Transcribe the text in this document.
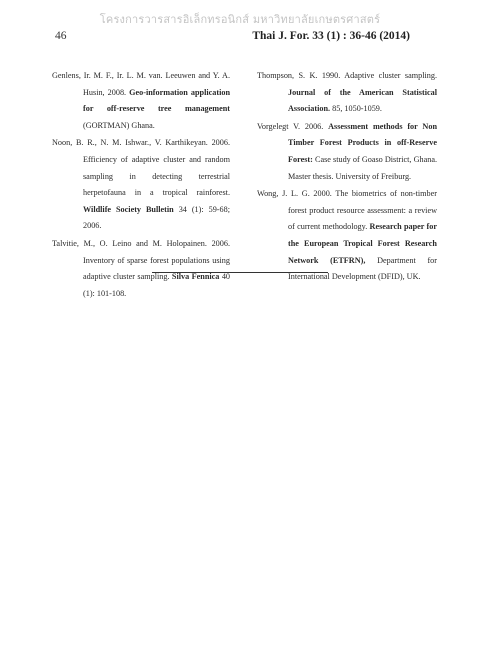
โครงการวารสารอิเล็กทรอนิกส์ มหาวิทยาลัยเกษตรศาสตร์
46	Thai J. For. 33 (1) : 36-46 (2014)

Genlens, Ir. M. F., Ir. L. M. van. Leeuwen and Y. A. Husin, 2008. Geo-information application for off-reserve tree management (GORTMAN) Ghana.

Noon, B. R., N. M. Ishwar., V. Karthikeyan. 2006. Efficiency of adaptive cluster and random sampling in detecting terrestrial herpetofauna in a tropical rainforest. Wildlife Society Bulletin 34 (1): 59-68; 2006.

Talvitie, M., O. Leino and M. Holopainen. 2006. Inventory of sparse forest populations using adaptive cluster sampling. Silva Fennica 40 (1): 101-108.

Thompson, S. K. 1990. Adaptive cluster sampling. Journal of the American Statistical Association. 85, 1050-1059.

Vorgelegt V. 2006. Assessment methods for Non Timber Forest Products in off-Reserve Forest: Case study of Goaso District, Ghana. Master thesis. University of Freiburg.

Wong, J. L. G. 2000. The biometrics of non-timber forest product resource assessment: a review of current methodology. Research paper for the European Tropical Forest Research Network (ETFRN), Department for International Development (DFID), UK.
